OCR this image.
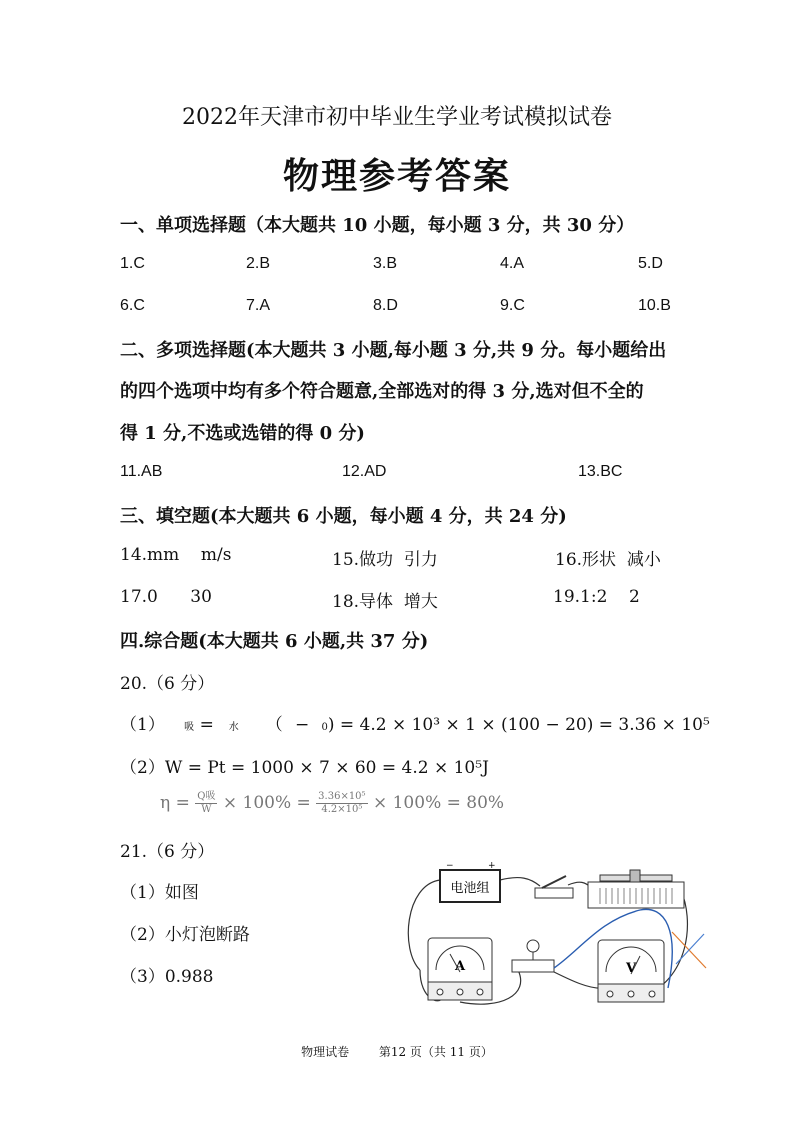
2022年天津市初中毕业生学业考试模拟试卷
物理参考答案
一、单项选择题（本大题共 10 小题，每小题 3 分，共 30 分）
1.C	2.B	3.B	4.A	5.D
6.C	7.A	8.D	9.C	10.B
二、多项选择题(本大题共 3 小题,每小题 3 分,共 9 分。每小题给出
的四个选项中均有多个符合题意,全部选对的得 3 分,选对但不全的
得 1 分,不选或选错的得 0 分)
11.AB	12.AD	13.BC
三、填空题(本大题共 6 小题，每小题 4 分，共 24 分)
14.mm    m/s	15.做功  引力	16.形状  减小
17.0      30	18.导体  增大	19.1:2    2
四.综合题(本大题共 6 小题,共 37 分)
20.（6 分）
（1） Q吸 = c水 m （t − t0) = 4.2 × 10³ × 1 × (100 − 20) = 3.36 × 10⁵
（2）W = Pt = 1000 × 7 × 60 = 4.2 × 10⁵J
$\eta = \frac{\text{Q吸}}{W} \times 100\% = \frac{\text{3.36×10⁵}}{\text{4.2×10⁵}} \times 100\% = 80\%$
21.（6 分）
（1）如图
（2）小灯泡断路
（3）0.988
电池组
−	+
A	V
物理试卷 第12 页（共 11 页）
